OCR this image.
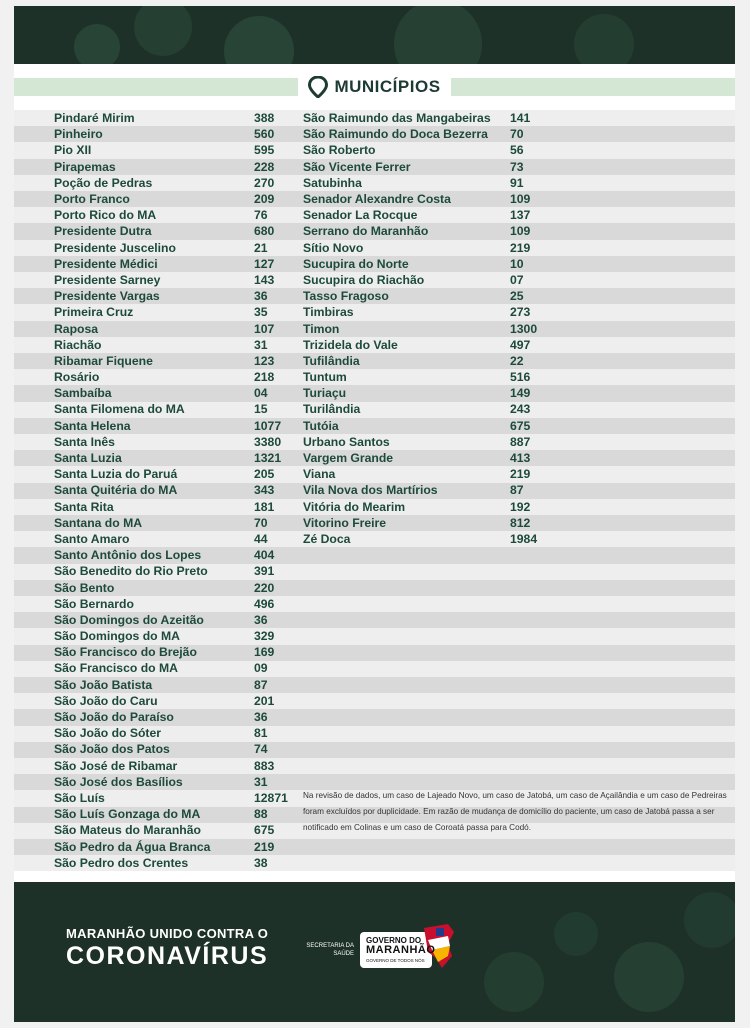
MUNICÍPIOS
Pindaré Mirim	388
Pinheiro	560
Pio XII	595
Pirapemas	228
Poção de Pedras	270
Porto Franco	209
Porto Rico do MA	76
Presidente Dutra	680
Presidente Juscelino	21
Presidente Médici	127
Presidente Sarney	143
Presidente Vargas	36
Primeira Cruz	35
Raposa	107
Riachão	31
Ribamar Fiquene	123
Rosário	218
Sambaíba	04
Santa Filomena do MA	15
Santa Helena	1077
Santa Inês	3380
Santa Luzia	1321
Santa Luzia do Paruá	205
Santa Quitéria do MA	343
Santa Rita	181
Santana do MA	70
Santo Amaro	44
Santo Antônio dos Lopes	404
São Benedito do Rio Preto	391
São Bento	220
São Bernardo	496
São Domingos do Azeitão	36
São Domingos do MA	329
São Francisco do Brejão	169
São Francisco do MA	09
São João Batista	87
São João do Caru	201
São João do Paraíso	36
São João do Sóter	81
São João dos Patos	74
São José de Ribamar	883
São José dos Basílios	31
São Luís	12871
São Luís Gonzaga do MA	88
São Mateus do Maranhão	675
São Pedro da Água Branca	219
São Pedro dos Crentes	38
São Raimundo das Mangabeiras	141
São Raimundo do Doca Bezerra	70
São Roberto	56
São Vicente Ferrer	73
Satubinha	91
Senador Alexandre Costa	109
Senador La Rocque	137
Serrano do Maranhão	109
Sítio Novo	219
Sucupira do Norte	10
Sucupira do Riachão	07
Tasso Fragoso	25
Timbiras	273
Timon	1300
Trizidela do Vale	497
Tufilândia	22
Tuntum	516
Turiaçu	149
Turilândia	243
Tutóia	675
Urbano Santos	887
Vargem Grande	413
Viana	219
Vila Nova dos Martírios	87
Vitória do Mearim	192
Vitorino Freire	812
Zé Doca	1984
Na revisão de dados, um caso de Lajeado Novo, um caso de Jatobá, um caso de Açailândia e um caso de Pedreiras foram excluídos por duplicidade. Em razão de mudança de domicílio do paciente, um caso de Jatobá passa a ser notificado em Colinas e um caso de Coroatá passa para Codó.
MARANHÃO UNIDO CONTRA O
CORONAVÍRUS	SECRETARIA DA SAÚDE
GOVERNO DO
MARANHÃO
GOVERNO DE TODOS NÓS
